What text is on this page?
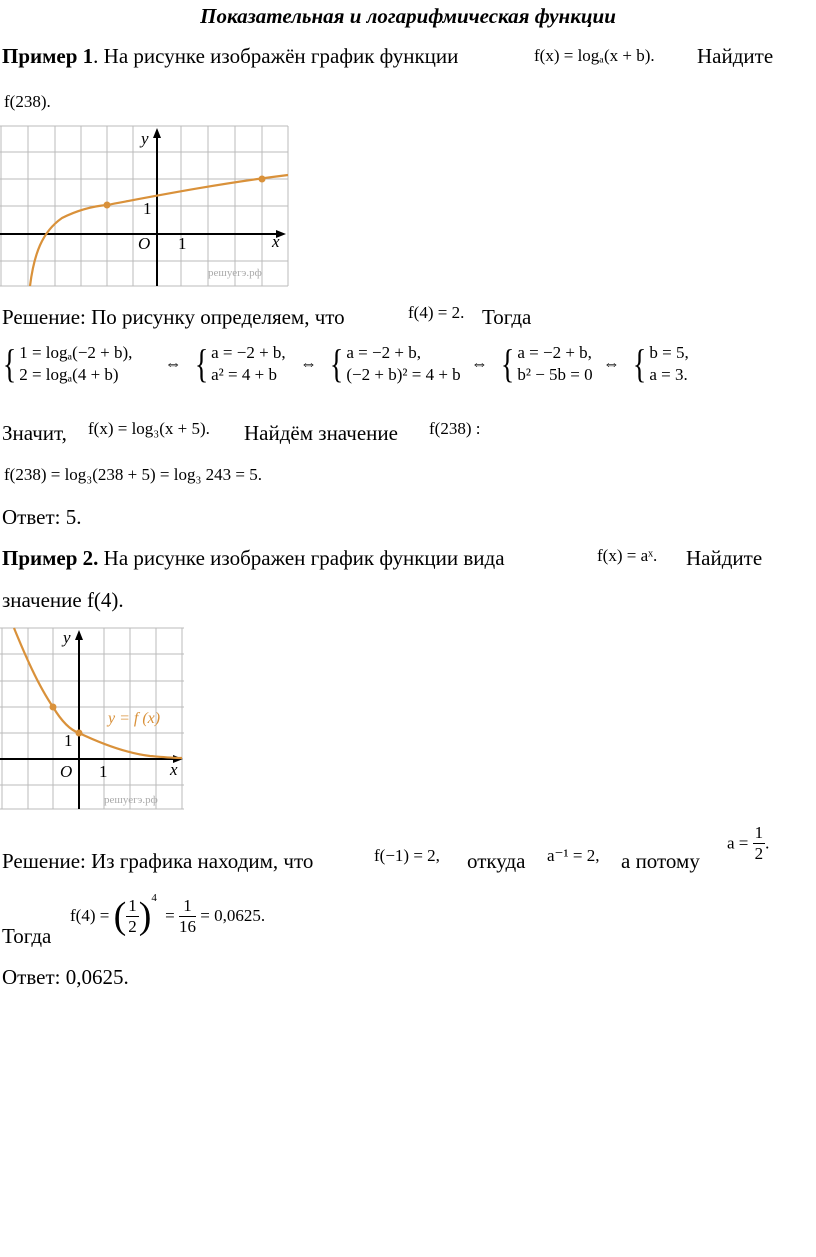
Показательная и логарифмическая функции
Пример 1. На рисунке изображён график функции	f(x) = logₐ(x + b). Найдите
f(238).
y
x
O 1
1
решуегэ.рф
Решение: По рисунку определяем, что	f(4) = 2. Тогда
{ 1 = logₐ(−2 + b),
2 = logₐ(4 + b)
⇔ { a = −2 + b,
a² = 4 + b
⇔ { a = −2 + b,
(−2 + b)² = 4 + b
⇔ { a = −2 + b,
b² − 5b = 0
⇔ { b = 5,
a = 3.
Значит, f(x) = log₃(x + 5). Найдём значение f(238) :
f(238) = log₃(238 + 5) = log₃ 243 = 5.
Ответ: 5.
Пример 2. На рисунке изображен график функции вида	f(x) = aˣ. Найдите
значение f(4).
y
x
O 1
1
y = f (x)
решуегэ.рф
Решение: Из графика находим, что	f(−1) = 2, откуда a⁻¹ = 2, а потому
$a = \frac{1}{2}$ .
Тогда
f(4) = ( $\frac{1}{2} )^4 = \frac{1}{16} = 0,0625$.
Ответ: 0,0625.
